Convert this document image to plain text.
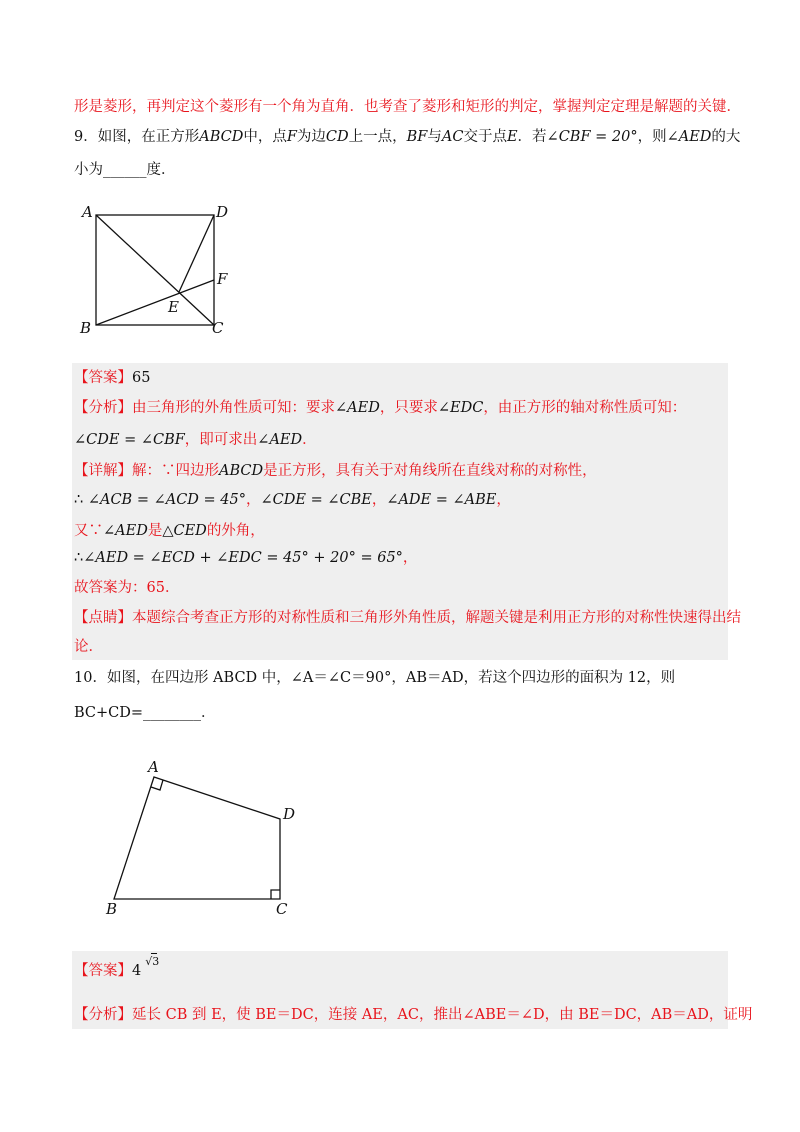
形是菱形，再判定这个菱形有一个角为直角．也考查了菱形和矩形的判定，掌握判定定理是解题的关键．
9．如图，在正方形ABCD中，点F为边CD上一点，BF与AC交于点E．若∠CBF = 20°，则∠AED的大
小为______度．
A	D
F
E
B	C
【答案】65
【分析】由三角形的外角性质可知：要求∠AED，只要求∠EDC，由正方形的轴对称性质可知：
∠CDE = ∠CBF，即可求出∠AED．
【详解】解：∵四边形ABCD是正方形，具有关于对角线所在直线对称的对称性，
∴ ∠ACB = ∠ACD = 45°，∠CDE = ∠CBE，∠ADE = ∠ABE，
又∵∠AED是△CED的外角，
∴∠AED = ∠ECD + ∠EDC = 45° + 20° = 65°，
故答案为：65．
【点睛】本题综合考查正方形的对称性质和三角形外角性质，解题关键是利用正方形的对称性快速得出结
论．
10．如图，在四边形 ABCD 中，∠A＝∠C＝90°，AB＝AD，若这个四边形的面积为 12，则
BC+CD=________．
A
D
B	C
【答案】4√
3
【分析】延长 CB 到 E，使 BE＝DC，连接 AE，AC，推出∠ABE＝∠D，由 BE＝DC，AB＝AD，证明
